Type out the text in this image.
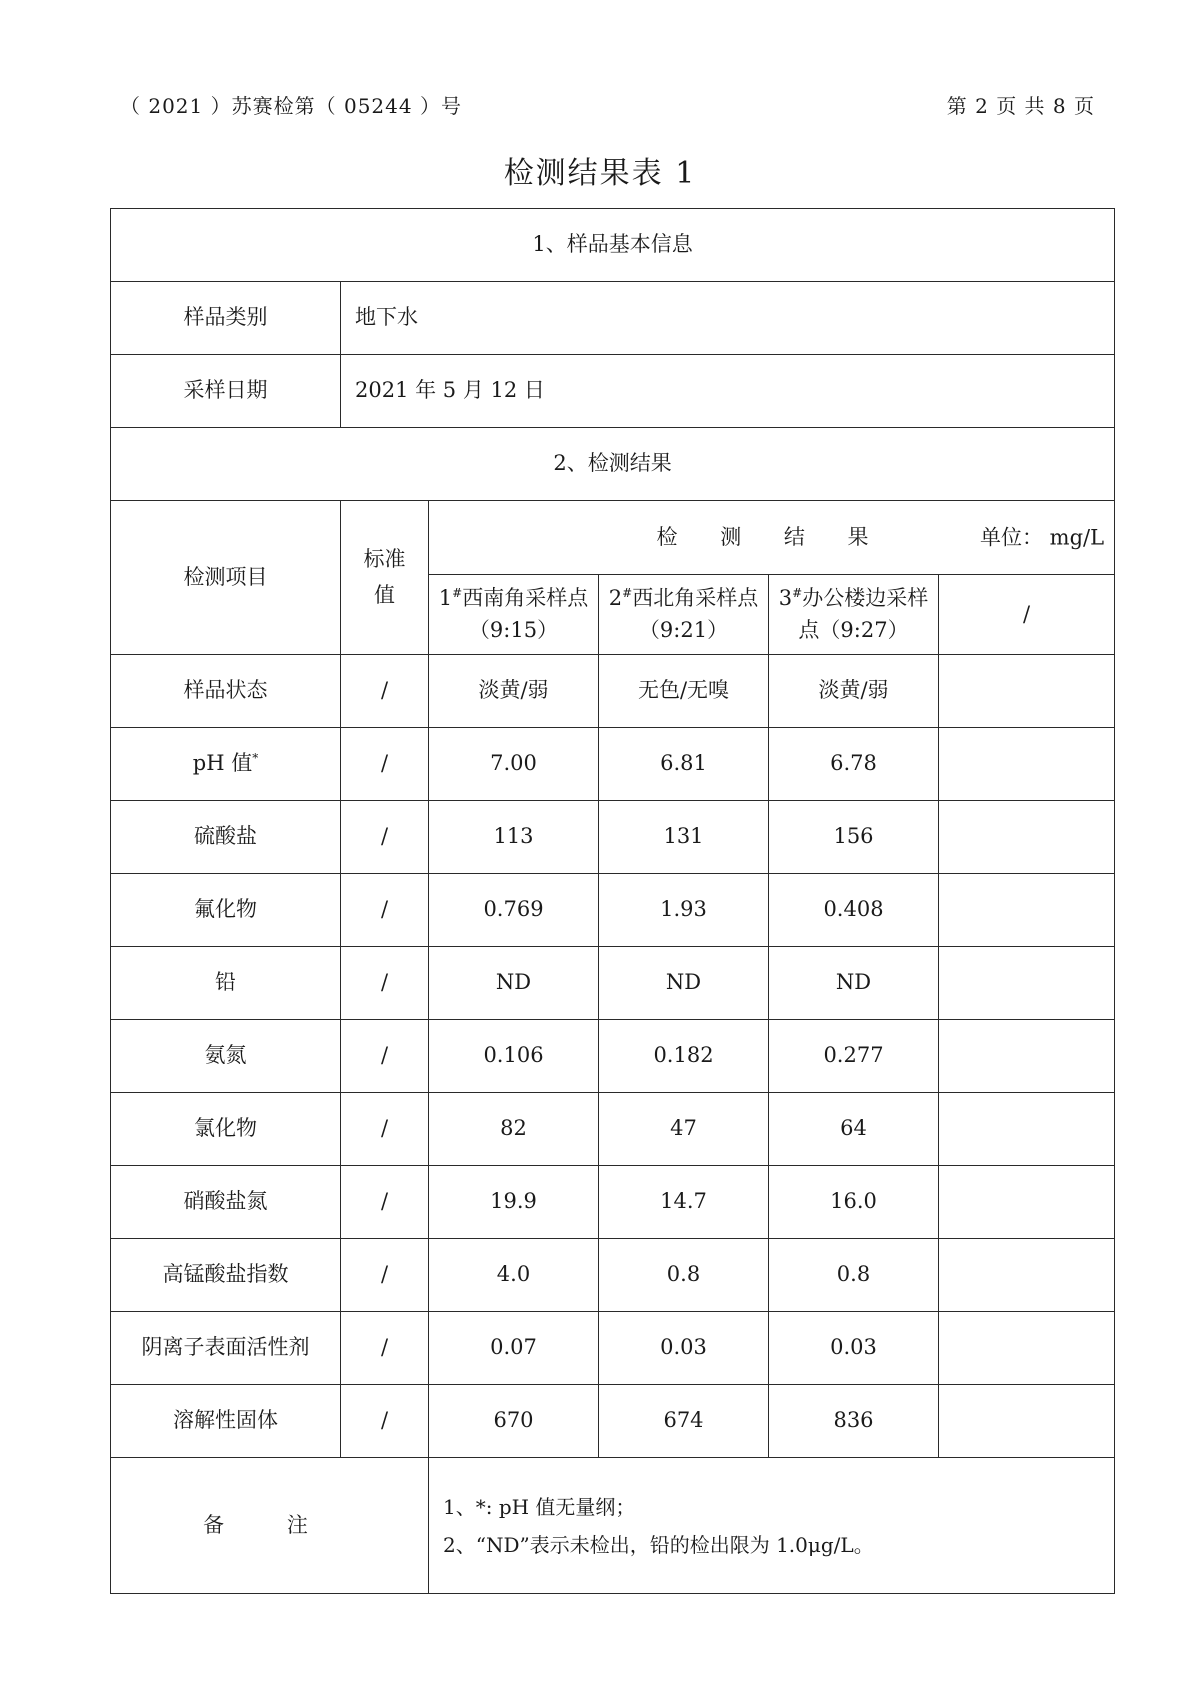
（ 2021 ）苏赛检第（ 05244 ）号	第 2 页 共 8 页
检测结果表 1
1、样品基本信息					
样品类别	地下水				
采样日期	2021 年 5 月 12 日				
2、检测结果					
检测项目	标准值	检 测 结 果 单位： mg/L			

		1#西南角采样点（9:15）	2#西北角采样点（9:21）	3#办公楼边采样点（9:27）	/
样品状态	/	淡黄/弱	无色/无嗅	淡黄/弱	
pH 值*	/	7.00	6.81	6.78	
硫酸盐	/	113	131	156	
氟化物	/	0.769	1.93	0.408	
铅	/	ND	ND	ND	
氨氮	/	0.106	0.182	0.277	
氯化物	/	82	47	64	
硝酸盐氮	/	19.9	14.7	16.0	
高锰酸盐指数	/	4.0	0.8	0.8	
阴离子表面活性剂	/	0.07	0.03	0.03	
溶解性固体	/	670	674	836	
备 注		1、*: pH 值无量纲；
2、“ND”表示未检出，铅的检出限为 1.0μg/L。			
